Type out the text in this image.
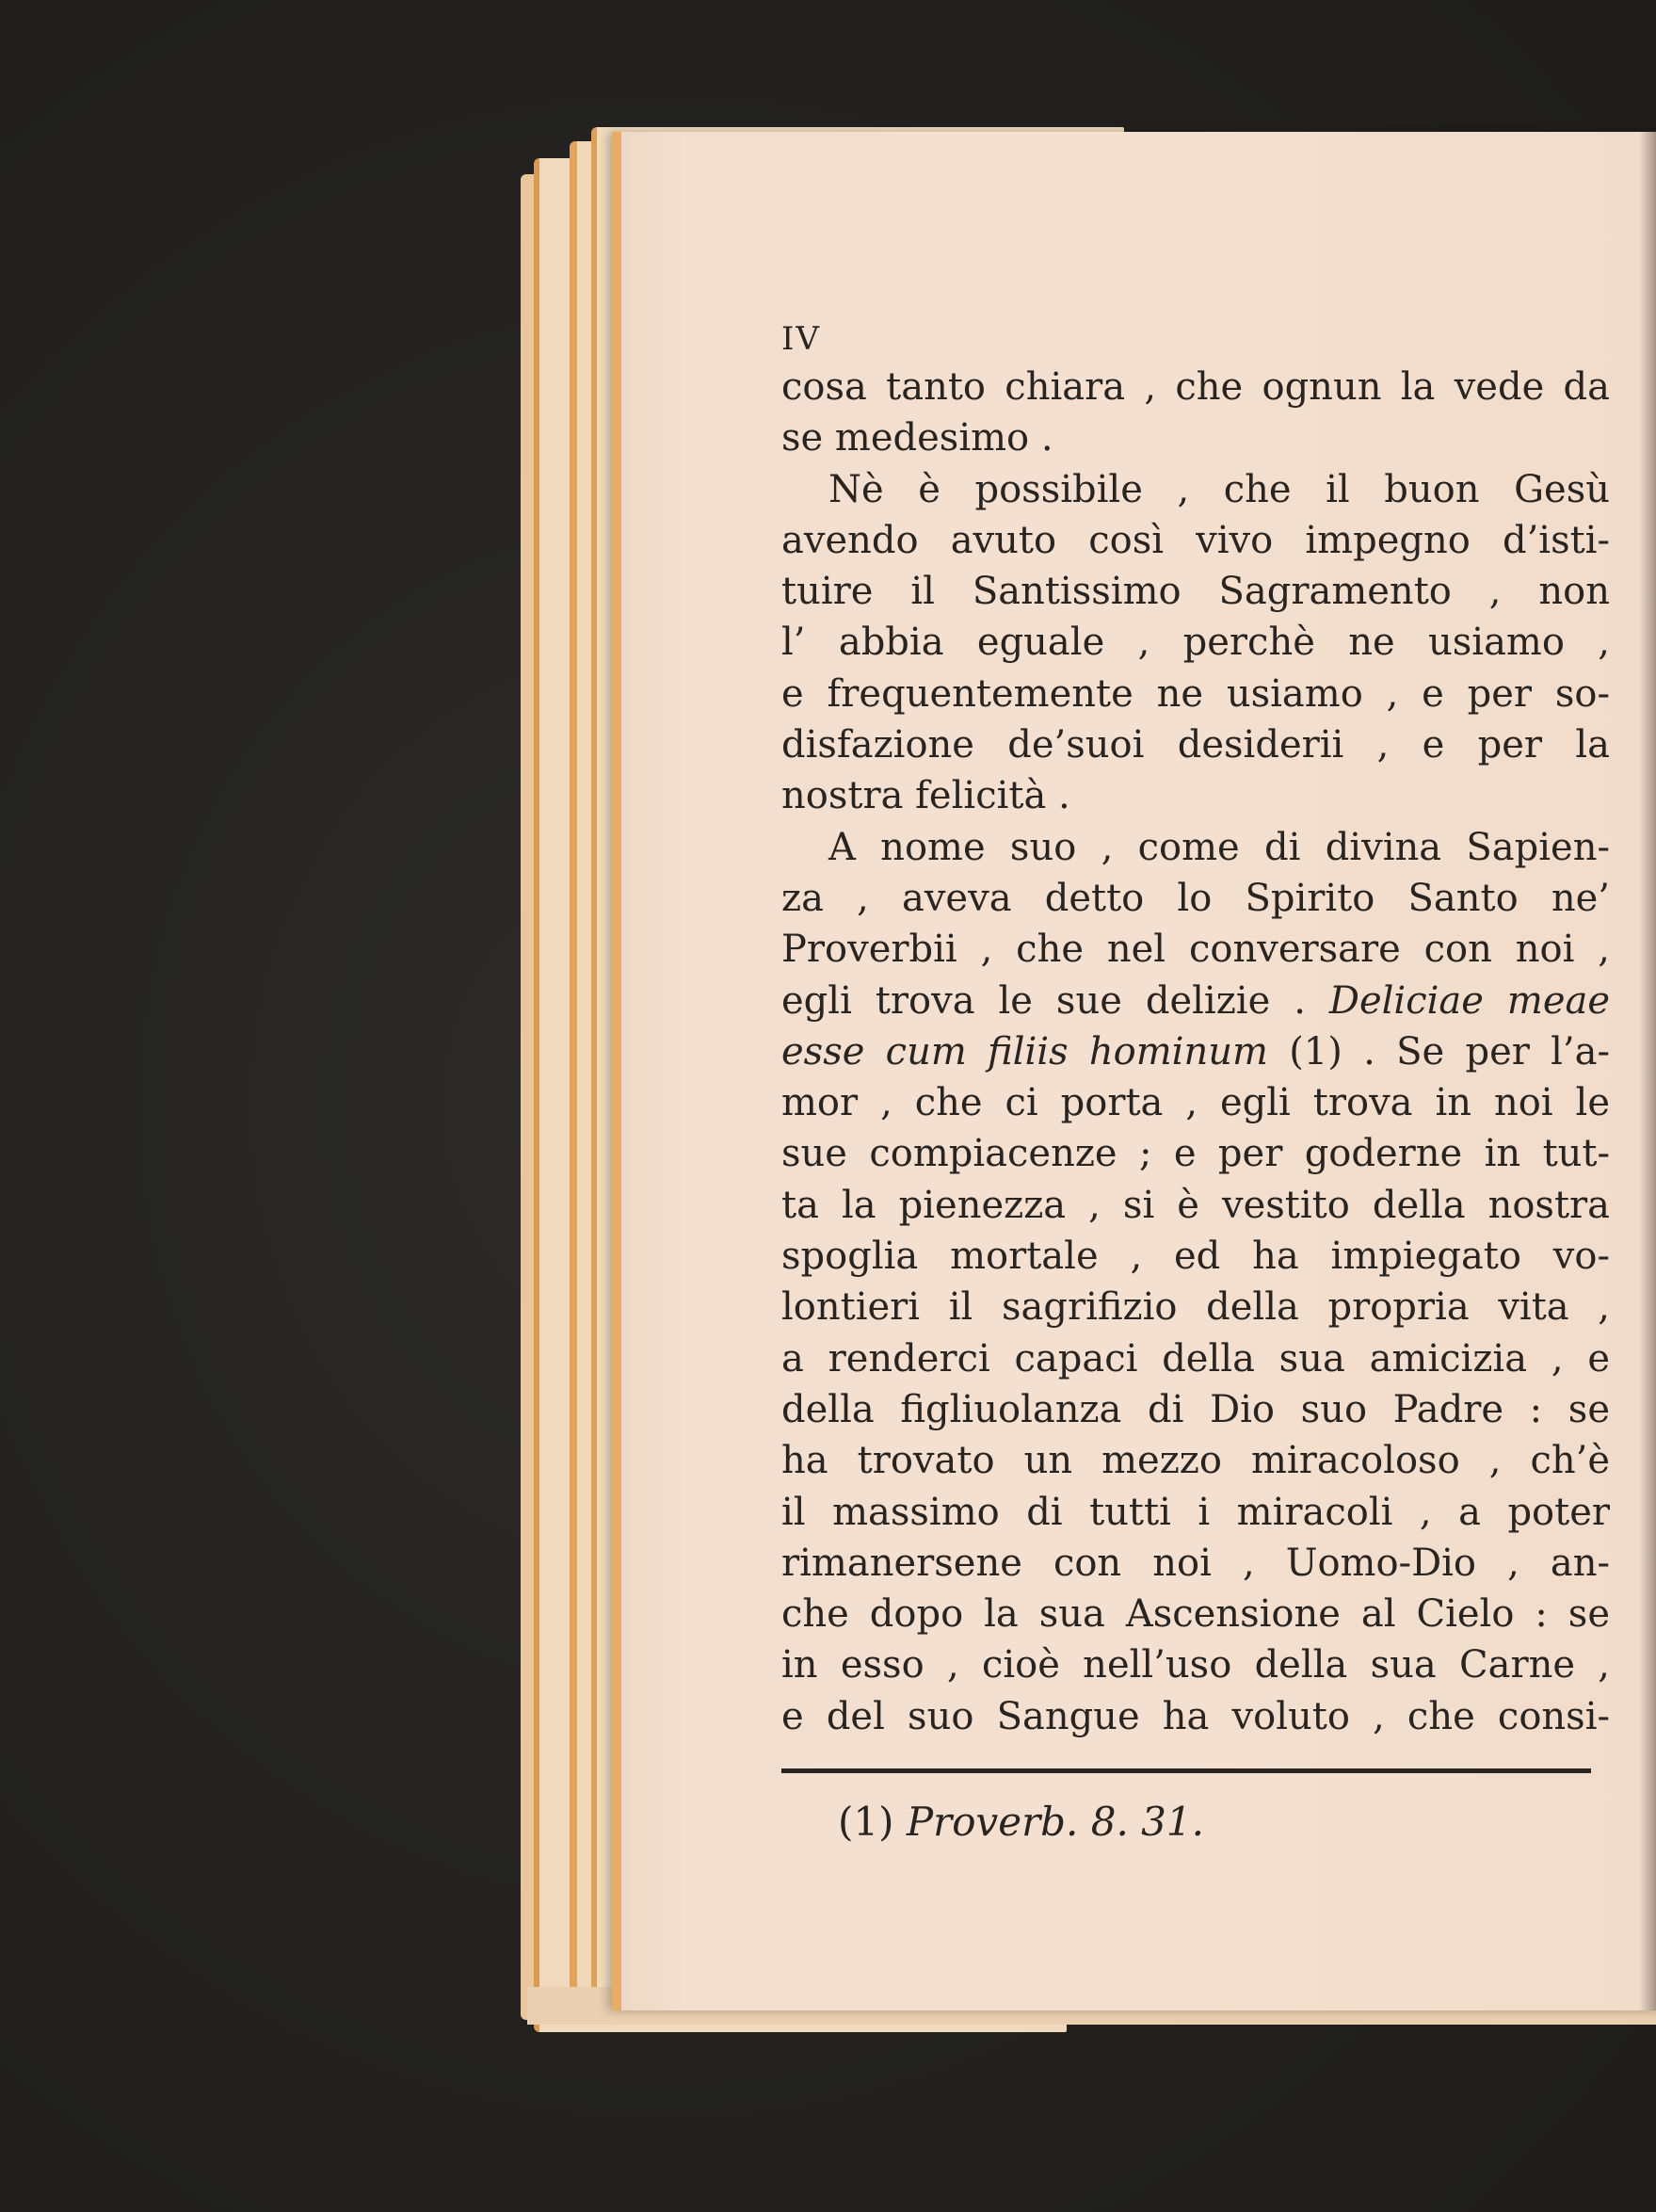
IV
cosa tanto chiara , che ognun la vede da
se medesimo .
Nè è possibile , che il buon Gesù
avendo avuto così vivo impegno d’isti-
tuire il Santissimo Sagramento , non
l’ abbia eguale , perchè ne usiamo ,
e frequentemente ne usiamo , e per so-
disfazione de’suoi desiderii , e per la
nostra felicità .
A nome suo , come di divina Sapien-
za , aveva detto lo Spirito Santo ne’
Proverbii , che nel conversare con noi ,
egli trova le sue delizie . Deliciae meae
esse cum filiis hominum (1) . Se per l’a-
mor , che ci porta , egli trova in noi le
sue compiacenze ; e per goderne in tut-
ta la pienezza , si è vestito della nostra
spoglia mortale , ed ha impiegato vo-
lontieri il sagrifizio della propria vita ,
a renderci capaci della sua amicizia , e
della figliuolanza di Dio suo Padre : se
ha trovato un mezzo miracoloso , ch’è
il massimo di tutti i miracoli , a poter
rimanersene con noi , Uomo-Dio , an-
che dopo la sua Ascensione al Cielo : se
in esso , cioè nell’uso della sua Carne ,
e del suo Sangue ha voluto , che consi-
(1) Proverb. 8. 31.
